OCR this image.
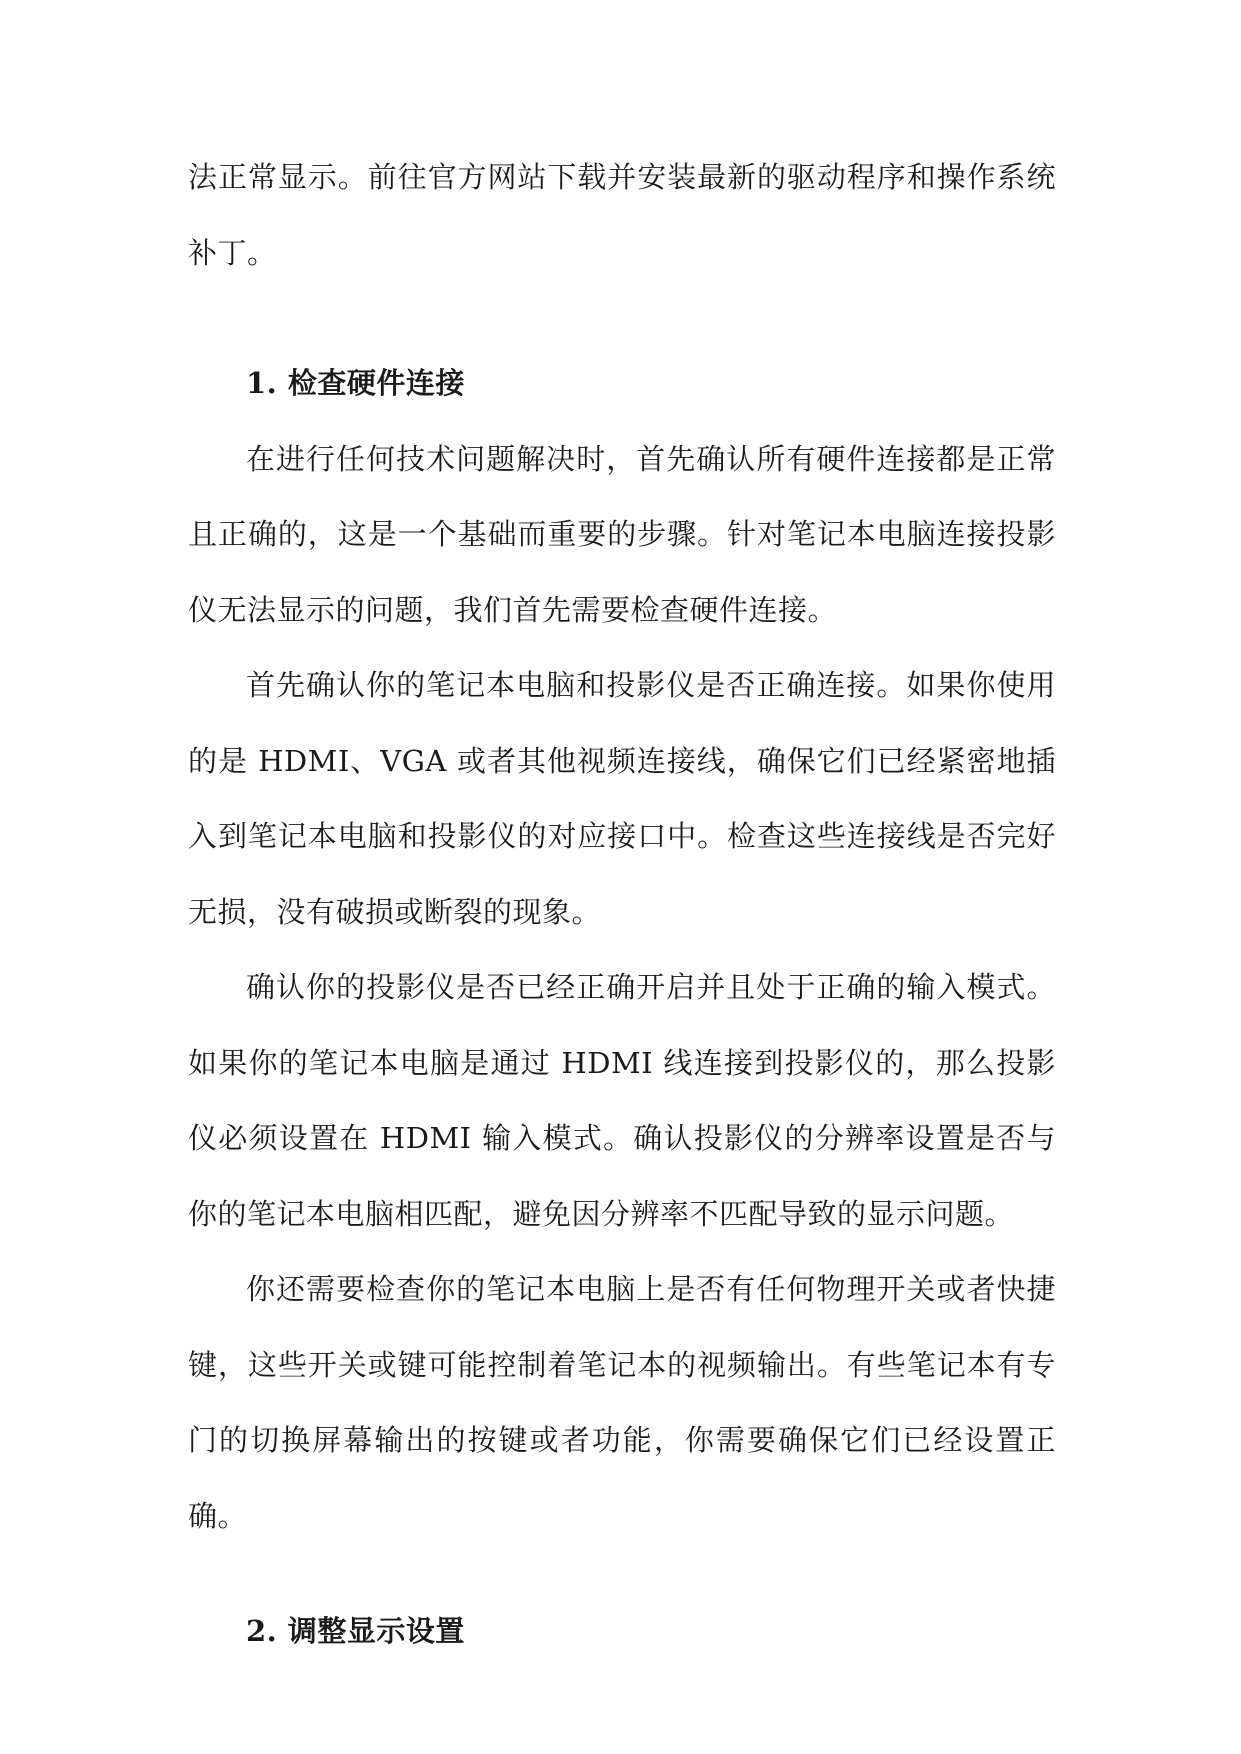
法正常显示。前往官方网站下载并安装最新的驱动程序和操作系统补丁。

1. 检查硬件连接

在进行任何技术问题解决时，首先确认所有硬件连接都是正常且正确的，这是一个基础而重要的步骤。针对笔记本电脑连接投影仪无法显示的问题，我们首先需要检查硬件连接。

首先确认你的笔记本电脑和投影仪是否正确连接。如果你使用的是 HDMI、VGA 或者其他视频连接线，确保它们已经紧密地插入到笔记本电脑和投影仪的对应接口中。检查这些连接线是否完好无损，没有破损或断裂的现象。

确认你的投影仪是否已经正确开启并且处于正确的输入模式。如果你的笔记本电脑是通过 HDMI 线连接到投影仪的，那么投影仪必须设置在 HDMI 输入模式。确认投影仪的分辨率设置是否与你的笔记本电脑相匹配，避免因分辨率不匹配导致的显示问题。

你还需要检查你的笔记本电脑上是否有任何物理开关或者快捷键，这些开关或键可能控制着笔记本的视频输出。有些笔记本有专门的切换屏幕输出的按键或者功能，你需要确保它们已经设置正确。

2. 调整显示设置
